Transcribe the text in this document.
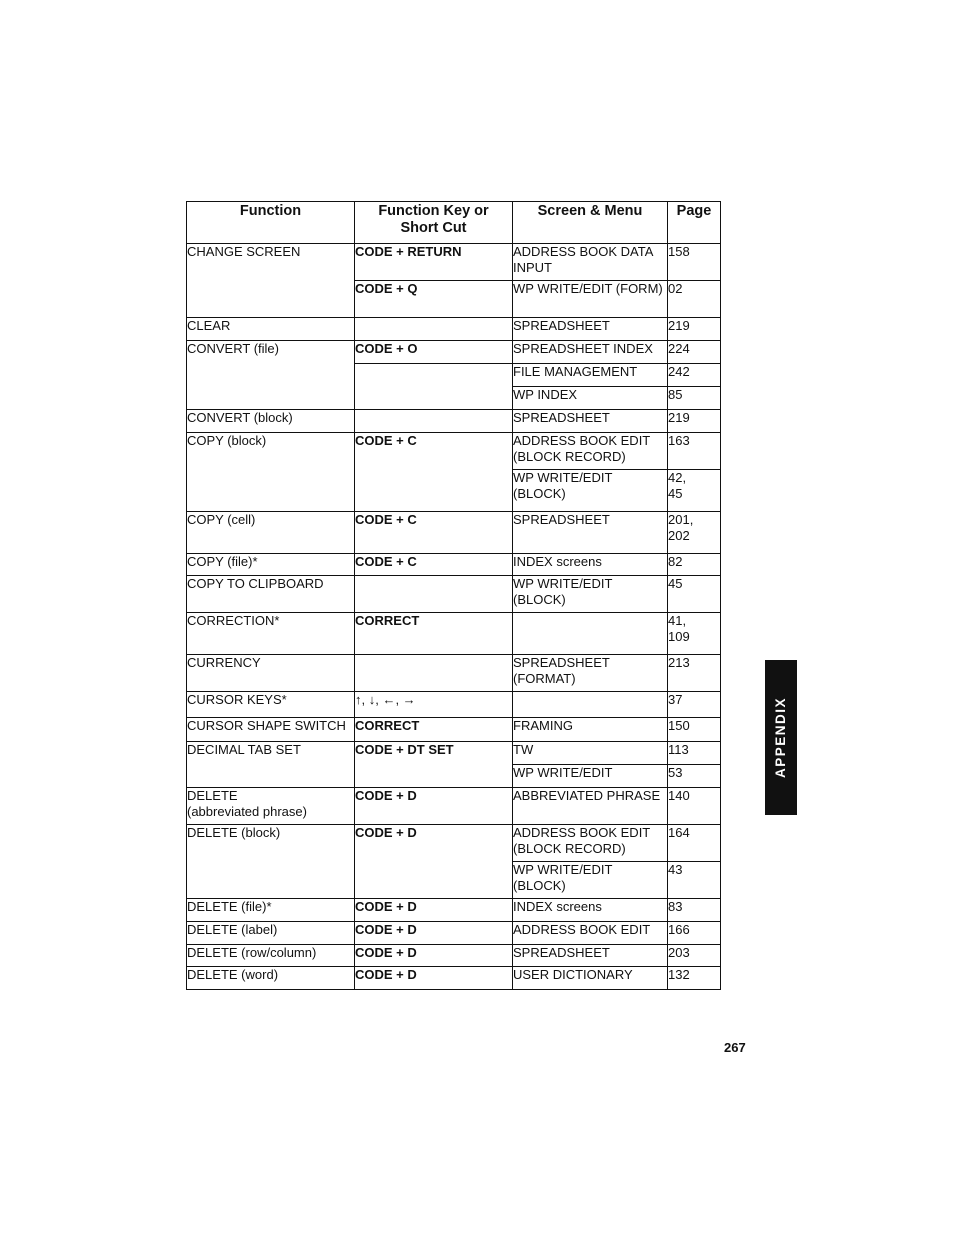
Function	Function Key or Short Cut	Screen & Menu	Page
CHANGE SCREEN	CODE + RETURN	ADDRESS BOOK DATA INPUT	158
	CODE + Q	WP WRITE/EDIT (FORM)	02
CLEAR		SPREADSHEET	219
CONVERT (file)	CODE + O	SPREADSHEET INDEX	224
		FILE MANAGEMENT	242
		WP INDEX	85
CONVERT (block)		SPREADSHEET	219
COPY (block)	CODE + C	ADDRESS BOOK EDIT (BLOCK RECORD)	163
		WP WRITE/EDIT (BLOCK)	42,
45
COPY (cell)	CODE + C	SPREADSHEET	201,
202
COPY (file)*	CODE + C	INDEX screens	82
COPY TO CLIPBOARD		WP WRITE/EDIT (BLOCK)	45
CORRECTION*	CORRECT		41,
109
CURRENCY		SPREADSHEET (FORMAT)	213
CURSOR KEYS*	↑, ↓, ←, →		37
CURSOR SHAPE SWITCH	CORRECT	FRAMING	150
DECIMAL TAB SET	CODE + DT SET	TW	113
		WP WRITE/EDIT	53
DELETE
(abbreviated phrase)	CODE + D	ABBREVIATED PHRASE	140
DELETE (block)	CODE + D	ADDRESS BOOK EDIT (BLOCK RECORD)	164
		WP WRITE/EDIT (BLOCK)	43
DELETE (file)*	CODE + D	INDEX screens	83
DELETE (label)	CODE + D	ADDRESS BOOK EDIT	166
DELETE (row/column)	CODE + D	SPREADSHEET	203
DELETE (word)	CODE + D	USER DICTIONARY	132
APPENDIX
267
